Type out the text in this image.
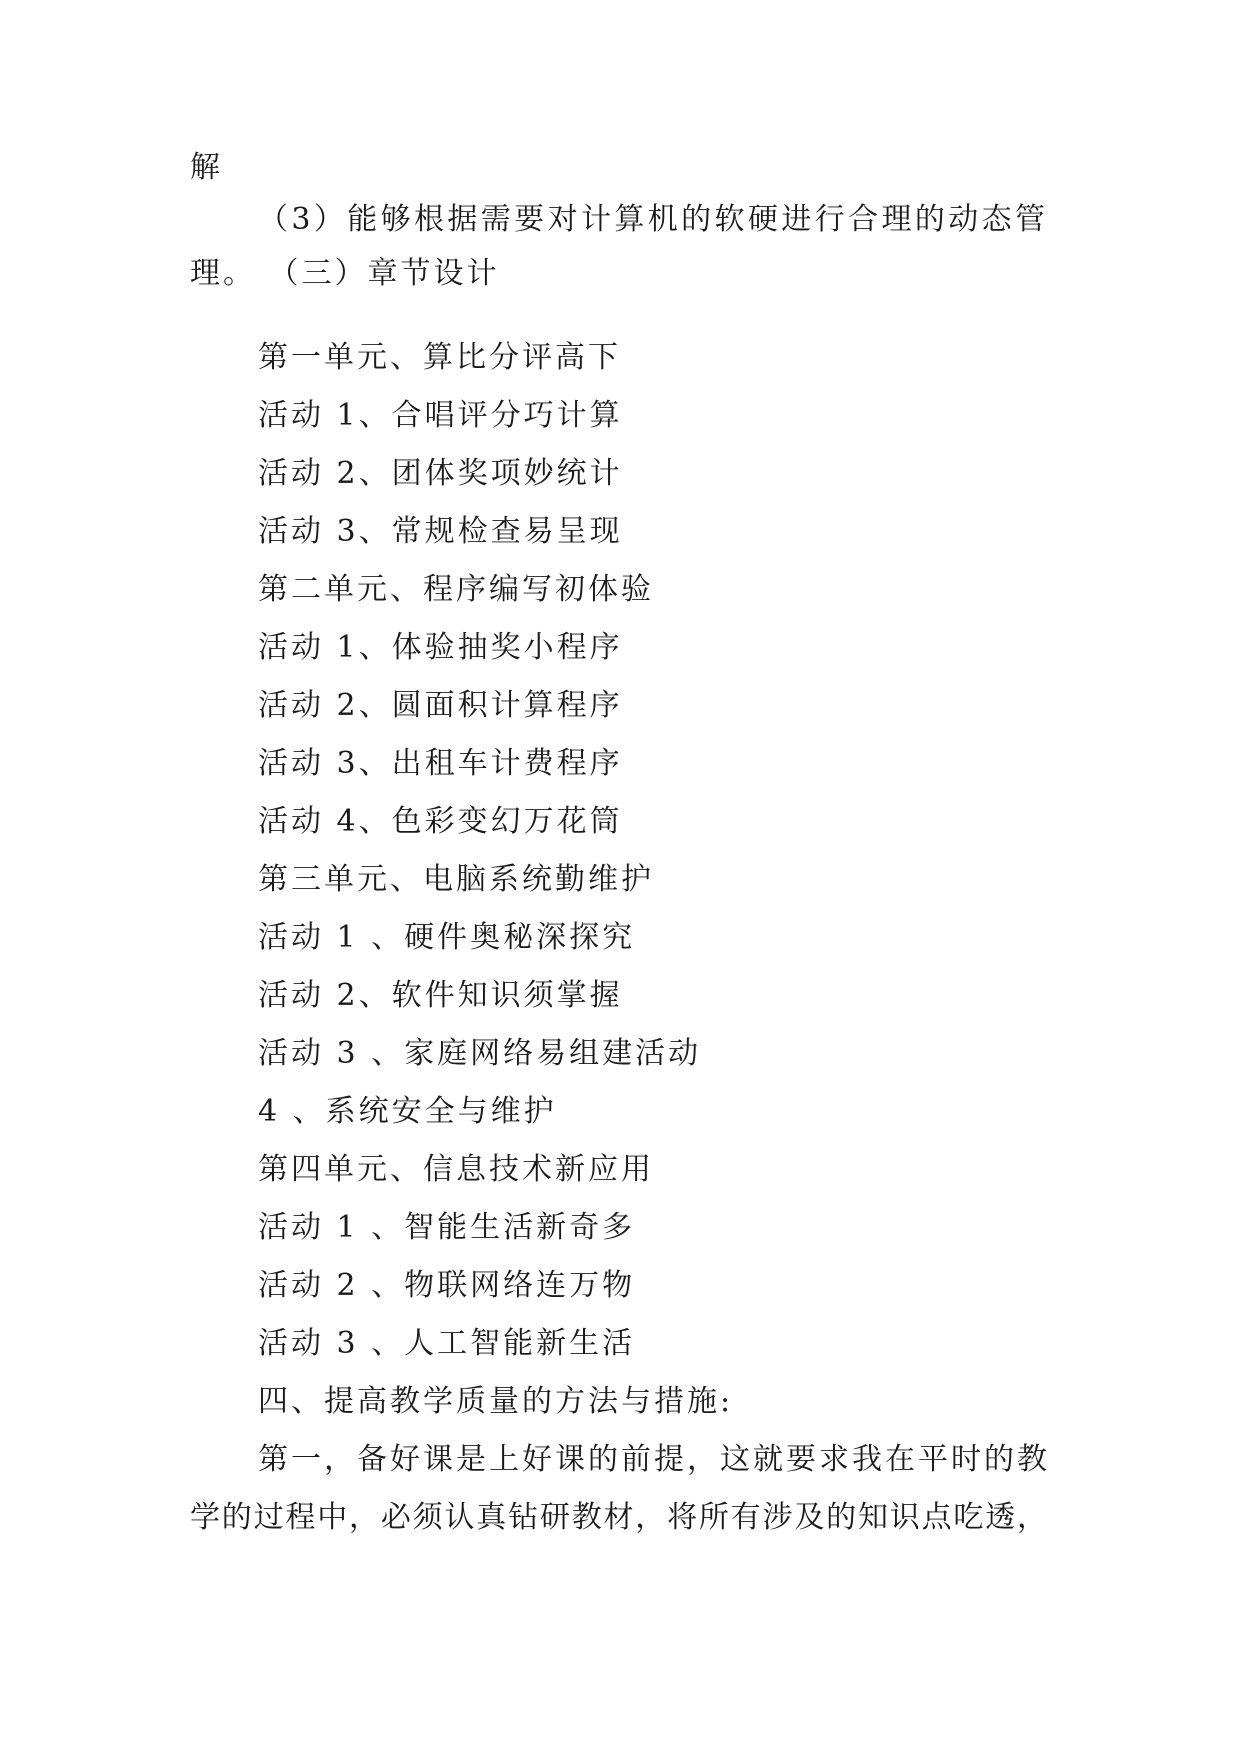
解
（3）能够根据需要对计算机的软硬进行合理的动态管
理。 （三）章节设计
第一单元、算比分评高下
活动 1、合唱评分巧计算
活动 2、团体奖项妙统计
活动 3、常规检查易呈现
第二单元、程序编写初体验
活动 1、体验抽奖小程序
活动 2、圆面积计算程序
活动 3、出租车计费程序
活动 4、色彩变幻万花筒
第三单元、电脑系统勤维护
活动 1 、硬件奥秘深探究
活动 2、软件知识须掌握
活动 3 、家庭网络易组建活动
4 、系统安全与维护
第四单元、信息技术新应用
活动 1 、智能生活新奇多
活动 2 、物联网络连万物
活动 3 、人工智能新生活
四、提高教学质量的方法与措施:
第一，备好课是上好课的前提，这就要求我在平时的教
学的过程中，必须认真钻研教材，将所有涉及的知识点吃透，
